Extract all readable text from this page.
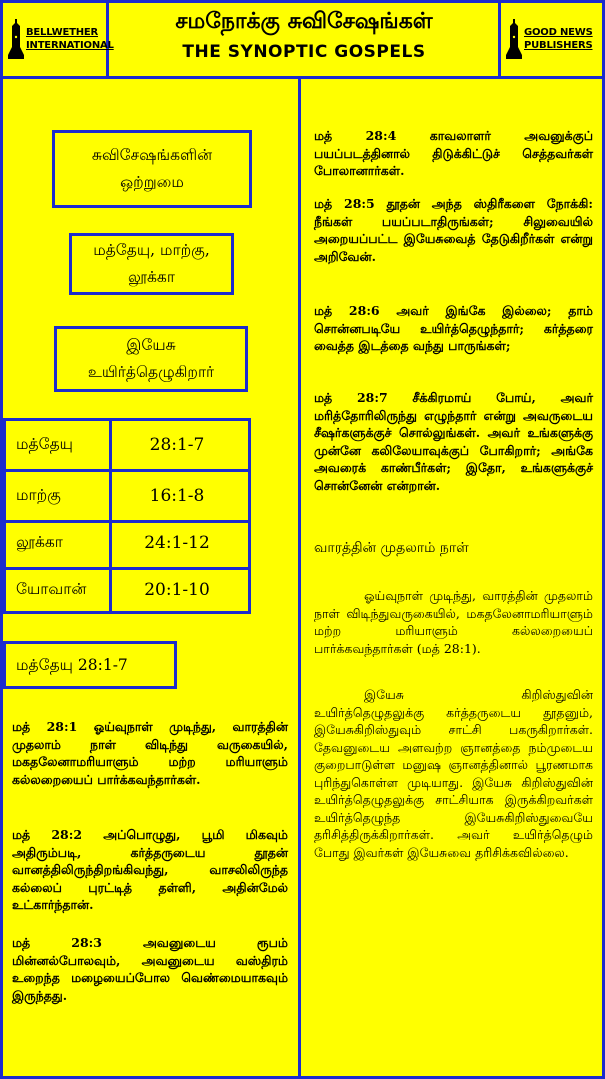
BELLWETHER
INTERNATIONAL
சமநோக்கு சுவிசேஷங்கள்
THE SYNOPTIC GOSPELS
GOOD NEWS
PUBLISHERS
சுவிசேஷங்களின் ஒற்றுமை
மத்தேயு, மாற்கு, லூக்கா
இயேசு உயிர்த்தெழுகிறார்
மத்தேயு	28:1-7
மாற்கு	16:1-8
லூக்கா	24:1-12
யோவான்	20:1-10
மத்தேயு 28:1-7

மத் 28:1 ஓய்வுநாள் முடிந்து, வாரத்தின் முதலாம் நாள் விடிந்து வருகையில், மகதலேனாமரியாளும் மற்ற மரியாளும் கல்லறையைப் பார்க்கவந்தார்கள்.

மத் 28:2 அப்பொழுது, பூமி மிகவும் அதிரும்படி, கர்த்தருடைய தூதன் வானத்திலிருந்திறங்கிவந்து, வாசலிலிருந்த கல்லைப் புரட்டித் தள்ளி, அதின்மேல் உட்கார்ந்தான்.

மத் 28:3 அவனுடைய ரூபம் மின்னல்போலவும், அவனுடைய வஸ்திரம் உறைந்த மழையைப்போல வெண்மையாகவும் இருந்தது.

மத் 28:4 காவலாளர் அவனுக்குப் பயப்படத்தினால் திடுக்கிட்டுச் செத்தவர்கள் போலானார்கள்.

மத் 28:5 தூதன் அந்த ஸ்திரீகளை நோக்கி: நீங்கள் பயப்படாதிருங்கள்; சிலுவையில் அறையப்பட்ட இயேசுவைத் தேடுகிறீர்கள் என்று அறிவேன்.

மத் 28:6 அவர் இங்கே இல்லை; தாம் சொன்னபடியே உயிர்த்தெழுந்தார்; கர்த்தரை வைத்த இடத்தை வந்து பாருங்கள்;

மத் 28:7 சீக்கிரமாய் போய், அவர் மரித்தோரிலிருந்து எழுந்தார் என்று அவருடைய சீஷர்களுக்குச் சொல்லுங்கள். அவர் உங்களுக்கு முன்னே கலிலேயாவுக்குப் போகிறார்; அங்கே அவரைக் காண்பீர்கள்; இதோ, உங்களுக்குச் சொன்னேன் என்றான்.

வாரத்தின் முதலாம் நாள்

ஓய்வுநாள் முடிந்து, வாரத்தின் முதலாம் நாள் விடிந்துவருகையில், மகதலேனாமரியாளும் மற்ற மரியாளும் கல்லறையைப் பார்க்கவந்தார்கள் (மத் 28:1).

இயேசு கிறிஸ்துவின் உயிர்த்தெழுதலுக்கு கர்த்தருடைய தூதனும், இயேசுகிறிஸ்துவும் சாட்சி பகருகிறார்கள். தேவனுடைய அளவற்ற ஞானத்தை நம்முடைய குறைபாடுள்ள மனுஷ ஞானத்தினால் பூரணமாக புரிந்துகொள்ள முடியாது. இயேசு கிறிஸ்துவின் உயிர்த்தெழுதலுக்கு சாட்சியாக இருக்கிறவர்கள் உயிர்த்தெழுந்த இயேசுகிறிஸ்துவையே தரிசித்திருக்கிறார்கள். அவர் உயிர்த்தெழும் போது இவர்கள் இயேசுவை தரிசிக்கவில்லை.
